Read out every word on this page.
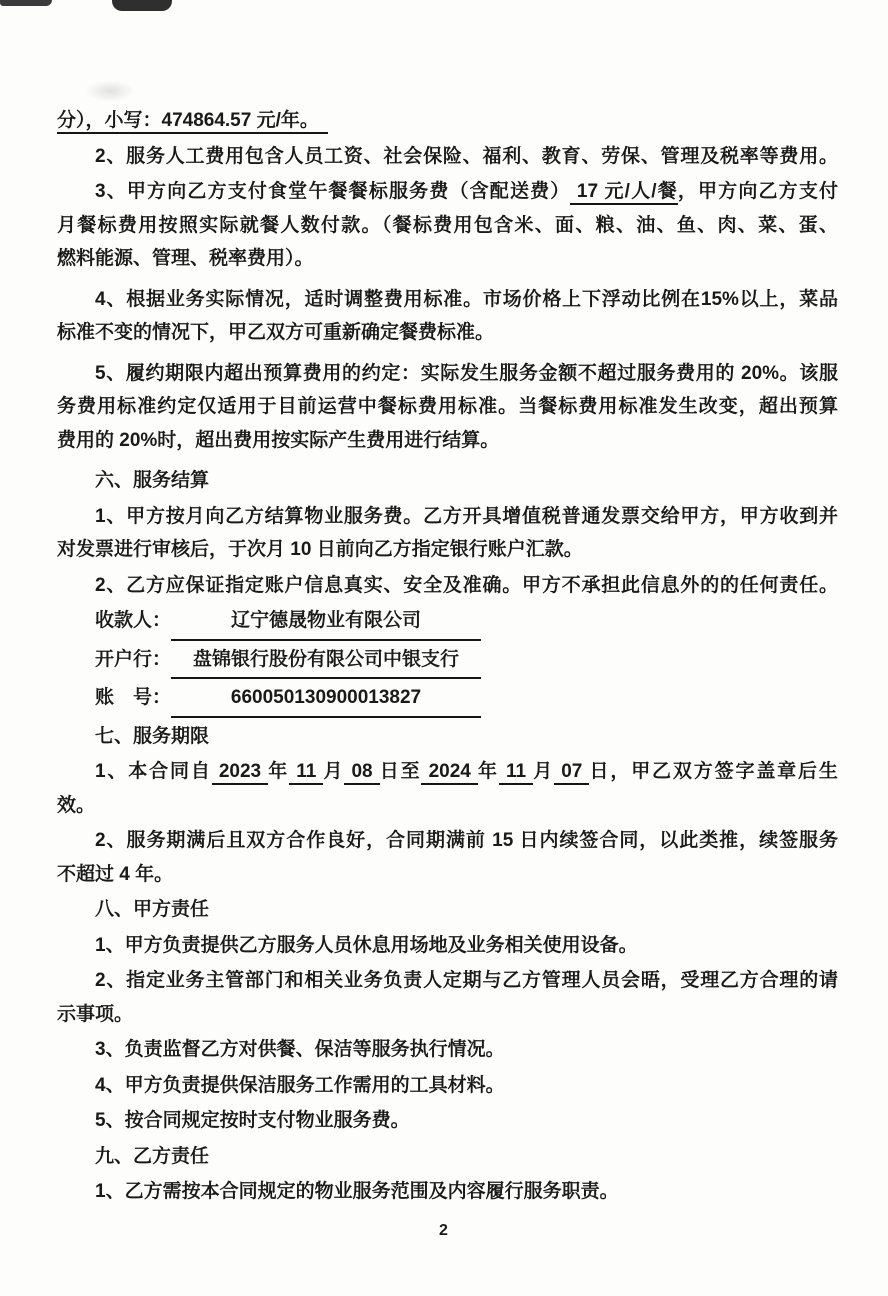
分），小写：474864.57 元/年。　
2、服务人工费用包含人员工资、社会保险、福利、教育、劳保、管理及税率等费用。
3、甲方向乙方支付食堂午餐餐标服务费（含配送费） 17 元/人/餐，甲方向乙方支付
月餐标费用按照实际就餐人数付款。（餐标费用包含米、面、粮、油、鱼、肉、菜、蛋、
燃料能源、管理、税率费用）。
4、根据业务实际情况，适时调整费用标准。市场价格上下浮动比例在15%以上，菜品
标准不变的情况下，甲乙双方可重新确定餐费标准。
5、履约期限内超出预算费用的约定：实际发生服务金额不超过服务费用的 20%。该服
务费用标准约定仅适用于目前运营中餐标费用标准。当餐标费用标准发生改变，超出预算
费用的 20%时，超出费用按实际产生费用进行结算。
六、服务结算
1、甲方按月向乙方结算物业服务费。乙方开具增值税普通发票交给甲方，甲方收到并
对发票进行审核后，于次月 10 日前向乙方指定银行账户汇款。
2、乙方应保证指定账户信息真实、安全及准确。甲方不承担此信息外的的任何责任。
收款人：	辽宁德晟物业有限公司
开户行： 盘锦银行股份有限公司中银支行
账　号：	660050130900013827
七、服务期限
1、本合同自 2023 年 11 月 08 日至 2024 年 11 月 07 日，甲乙双方签字盖章后生
效。
2、服务期满后且双方合作良好，合同期满前 15 日内续签合同，以此类推，续签服务
不超过 4 年。
八、甲方责任
1、甲方负责提供乙方服务人员休息用场地及业务相关使用设备。
2、指定业务主管部门和相关业务负责人定期与乙方管理人员会晤，受理乙方合理的请
示事项。
3、负责监督乙方对供餐、保洁等服务执行情况。
4、甲方负责提供保洁服务工作需用的工具材料。
5、按合同规定按时支付物业服务费。
九、乙方责任
1、乙方需按本合同规定的物业服务范围及内容履行服务职责。
2
